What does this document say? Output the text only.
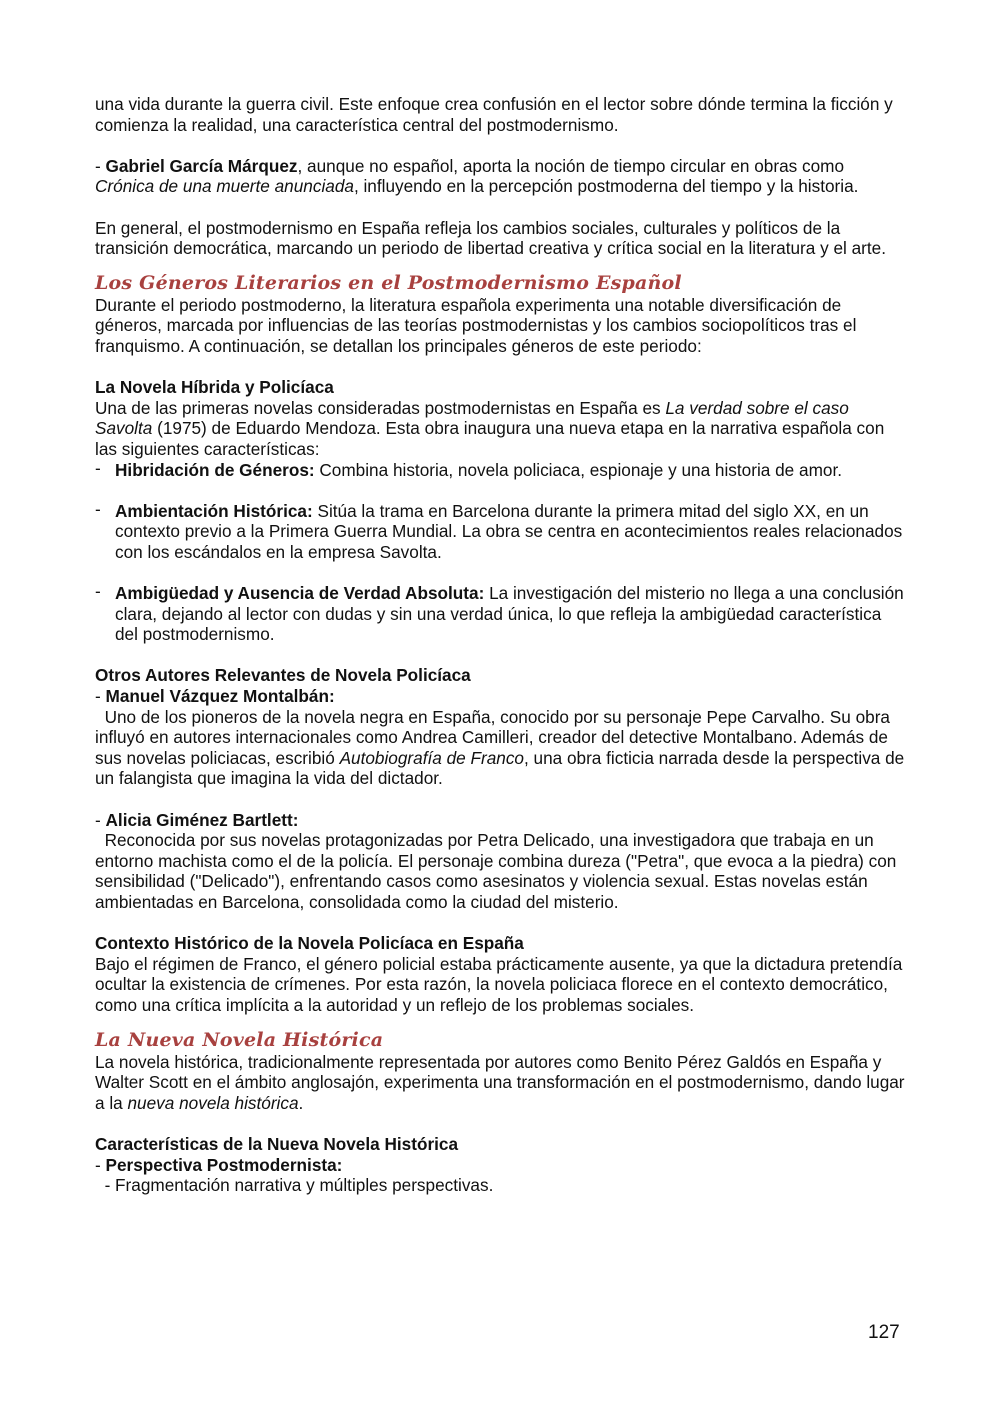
una vida durante la guerra civil. Este enfoque crea confusión en el lector sobre dónde termina la ficción y comienza la realidad, una característica central del postmodernismo.

- Gabriel García Márquez, aunque no español, aporta la noción de tiempo circular en obras como Crónica de una muerte anunciada, influyendo en la percepción postmoderna del tiempo y la historia.

En general, el postmodernismo en España refleja los cambios sociales, culturales y políticos de la transición democrática, marcando un periodo de libertad creativa y crítica social en la literatura y el arte.

Los Géneros Literarios en el Postmodernismo Español

Durante el periodo postmoderno, la literatura española experimenta una notable diversificación de géneros, marcada por influencias de las teorías postmodernistas y los cambios sociopolíticos tras el franquismo. A continuación, se detallan los principales géneros de este periodo:

La Novela Híbrida y Policíaca

Una de las primeras novelas consideradas postmodernistas en España es La verdad sobre el caso Savolta (1975) de Eduardo Mendoza. Esta obra inaugura una nueva etapa en la narrativa española con las siguientes características:

- Hibridación de Géneros: Combina historia, novela policiaca, espionaje y una historia de amor.
- Ambientación Histórica: Sitúa la trama en Barcelona durante la primera mitad del siglo XX, en un contexto previo a la Primera Guerra Mundial. La obra se centra en acontecimientos reales relacionados con los escándalos en la empresa Savolta.
- Ambigüedad y Ausencia de Verdad Absoluta: La investigación del misterio no llega a una conclusión clara, dejando al lector con dudas y sin una verdad única, lo que refleja la ambigüedad característica del postmodernismo.

Otros Autores Relevantes de Novela Policíaca

- Manuel Vázquez Montalbán:

Uno de los pioneros de la novela negra en España, conocido por su personaje Pepe Carvalho. Su obra influyó en autores internacionales como Andrea Camilleri, creador del detective Montalbano. Además de sus novelas policiacas, escribió Autobiografía de Franco, una obra ficticia narrada desde la perspectiva de un falangista que imagina la vida del dictador.

- Alicia Giménez Bartlett:

Reconocida por sus novelas protagonizadas por Petra Delicado, una investigadora que trabaja en un entorno machista como el de la policía. El personaje combina dureza ("Petra", que evoca a la piedra) con sensibilidad ("Delicado"), enfrentando casos como asesinatos y violencia sexual. Estas novelas están ambientadas en Barcelona, consolidada como la ciudad del misterio.

Contexto Histórico de la Novela Policíaca en España

Bajo el régimen de Franco, el género policial estaba prácticamente ausente, ya que la dictadura pretendía ocultar la existencia de crímenes. Por esta razón, la novela policiaca florece en el contexto democrático, como una crítica implícita a la autoridad y un reflejo de los problemas sociales.

La Nueva Novela Histórica

La novela histórica, tradicionalmente representada por autores como Benito Pérez Galdós en España y Walter Scott en el ámbito anglosajón, experimenta una transformación en el postmodernismo, dando lugar a la nueva novela histórica.

Características de la Nueva Novela Histórica

- Perspectiva Postmodernista:

- Fragmentación narrativa y múltiples perspectivas.

127
